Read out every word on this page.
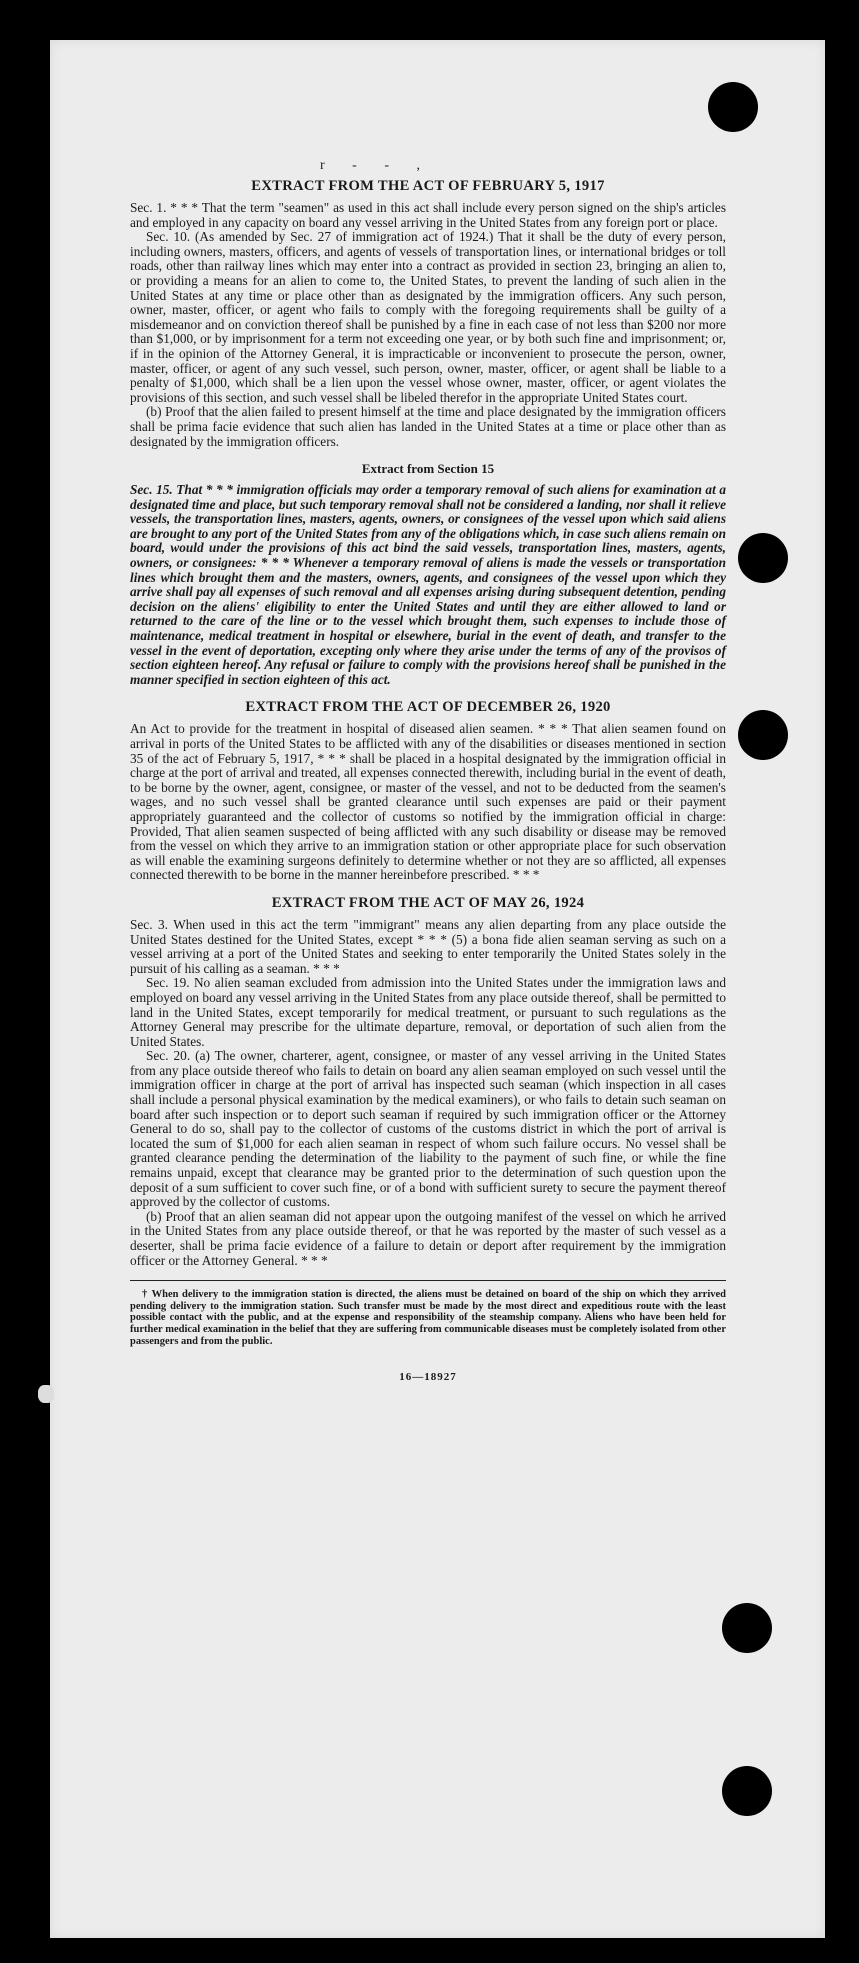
r - - ,
EXTRACT FROM THE ACT OF FEBRUARY 5, 1917

Sec. 1. * * * That the term "seamen" as used in this act shall include every person signed on the ship's articles and employed in any capacity on board any vessel arriving in the United States from any foreign port or place.

Sec. 10. (As amended by Sec. 27 of immigration act of 1924.) That it shall be the duty of every person, including owners, masters, officers, and agents of vessels of transportation lines, or international bridges or toll roads, other than railway lines which may enter into a contract as provided in section 23, bringing an alien to, or providing a means for an alien to come to, the United States, to prevent the landing of such alien in the United States at any time or place other than as designated by the immigration officers. Any such person, owner, master, officer, or agent who fails to comply with the foregoing requirements shall be guilty of a misdemeanor and on conviction thereof shall be punished by a fine in each case of not less than $200 nor more than $1,000, or by imprisonment for a term not exceeding one year, or by both such fine and imprisonment; or, if in the opinion of the Attorney General, it is impracticable or inconvenient to prosecute the person, owner, master, officer, or agent of any such vessel, such person, owner, master, officer, or agent shall be liable to a penalty of $1,000, which shall be a lien upon the vessel whose owner, master, officer, or agent violates the provisions of this section, and such vessel shall be libeled therefor in the appropriate United States court.

(b) Proof that the alien failed to present himself at the time and place designated by the immigration officers shall be prima facie evidence that such alien has landed in the United States at a time or place other than as designated by the immigration officers.

Extract from Section 15

Sec. 15. That * * * immigration officials may order a temporary removal of such aliens for examination at a designated time and place, but such temporary removal shall not be considered a landing, nor shall it relieve vessels, the transportation lines, masters, agents, owners, or consignees of the vessel upon which said aliens are brought to any port of the United States from any of the obligations which, in case such aliens remain on board, would under the provisions of this act bind the said vessels, transportation lines, masters, agents, owners, or consignees: * * * Whenever a temporary removal of aliens is made the vessels or transportation lines which brought them and the masters, owners, agents, and consignees of the vessel upon which they arrive shall pay all expenses of such removal and all expenses arising during subsequent detention, pending decision on the aliens' eligibility to enter the United States and until they are either allowed to land or returned to the care of the line or to the vessel which brought them, such expenses to include those of maintenance, medical treatment in hospital or elsewhere, burial in the event of death, and transfer to the vessel in the event of deportation, excepting only where they arise under the terms of any of the provisos of section eighteen hereof. Any refusal or failure to comply with the provisions hereof shall be punished in the manner specified in section eighteen of this act.

EXTRACT FROM THE ACT OF DECEMBER 26, 1920

An Act to provide for the treatment in hospital of diseased alien seamen. * * * That alien seamen found on arrival in ports of the United States to be afflicted with any of the disabilities or diseases mentioned in section 35 of the act of February 5, 1917, * * * shall be placed in a hospital designated by the immigration official in charge at the port of arrival and treated, all expenses connected therewith, including burial in the event of death, to be borne by the owner, agent, consignee, or master of the vessel, and not to be deducted from the seamen's wages, and no such vessel shall be granted clearance until such expenses are paid or their payment appropriately guaranteed and the collector of customs so notified by the immigration official in charge: Provided, That alien seamen suspected of being afflicted with any such disability or disease may be removed from the vessel on which they arrive to an immigration station or other appropriate place for such observation as will enable the examining surgeons definitely to determine whether or not they are so afflicted, all expenses connected therewith to be borne in the manner hereinbefore prescribed. * * *

EXTRACT FROM THE ACT OF MAY 26, 1924

Sec. 3. When used in this act the term "immigrant" means any alien departing from any place outside the United States destined for the United States, except * * * (5) a bona fide alien seaman serving as such on a vessel arriving at a port of the United States and seeking to enter temporarily the United States solely in the pursuit of his calling as a seaman. * * *

Sec. 19. No alien seaman excluded from admission into the United States under the immigration laws and employed on board any vessel arriving in the United States from any place outside thereof, shall be permitted to land in the United States, except temporarily for medical treatment, or pursuant to such regulations as the Attorney General may prescribe for the ultimate departure, removal, or deportation of such alien from the United States.

Sec. 20. (a) The owner, charterer, agent, consignee, or master of any vessel arriving in the United States from any place outside thereof who fails to detain on board any alien seaman employed on such vessel until the immigration officer in charge at the port of arrival has inspected such seaman (which inspection in all cases shall include a personal physical examination by the medical examiners), or who fails to detain such seaman on board after such inspection or to deport such seaman if required by such immigration officer or the Attorney General to do so, shall pay to the collector of customs of the customs district in which the port of arrival is located the sum of $1,000 for each alien seaman in respect of whom such failure occurs. No vessel shall be granted clearance pending the determination of the liability to the payment of such fine, or while the fine remains unpaid, except that clearance may be granted prior to the determination of such question upon the deposit of a sum sufficient to cover such fine, or of a bond with sufficient surety to secure the payment thereof approved by the collector of customs.

(b) Proof that an alien seaman did not appear upon the outgoing manifest of the vessel on which he arrived in the United States from any place outside thereof, or that he was reported by the master of such vessel as a deserter, shall be prima facie evidence of a failure to detain or deport after requirement by the immigration officer or the Attorney General. * * *

† When delivery to the immigration station is directed, the aliens must be detained on board of the ship on which they arrived pending delivery to the immigration station. Such transfer must be made by the most direct and expeditious route with the least possible contact with the public, and at the expense and responsibility of the steamship company. Aliens who have been held for further medical examination in the belief that they are suffering from communicable diseases must be completely isolated from other passengers and from the public.

16—18927
